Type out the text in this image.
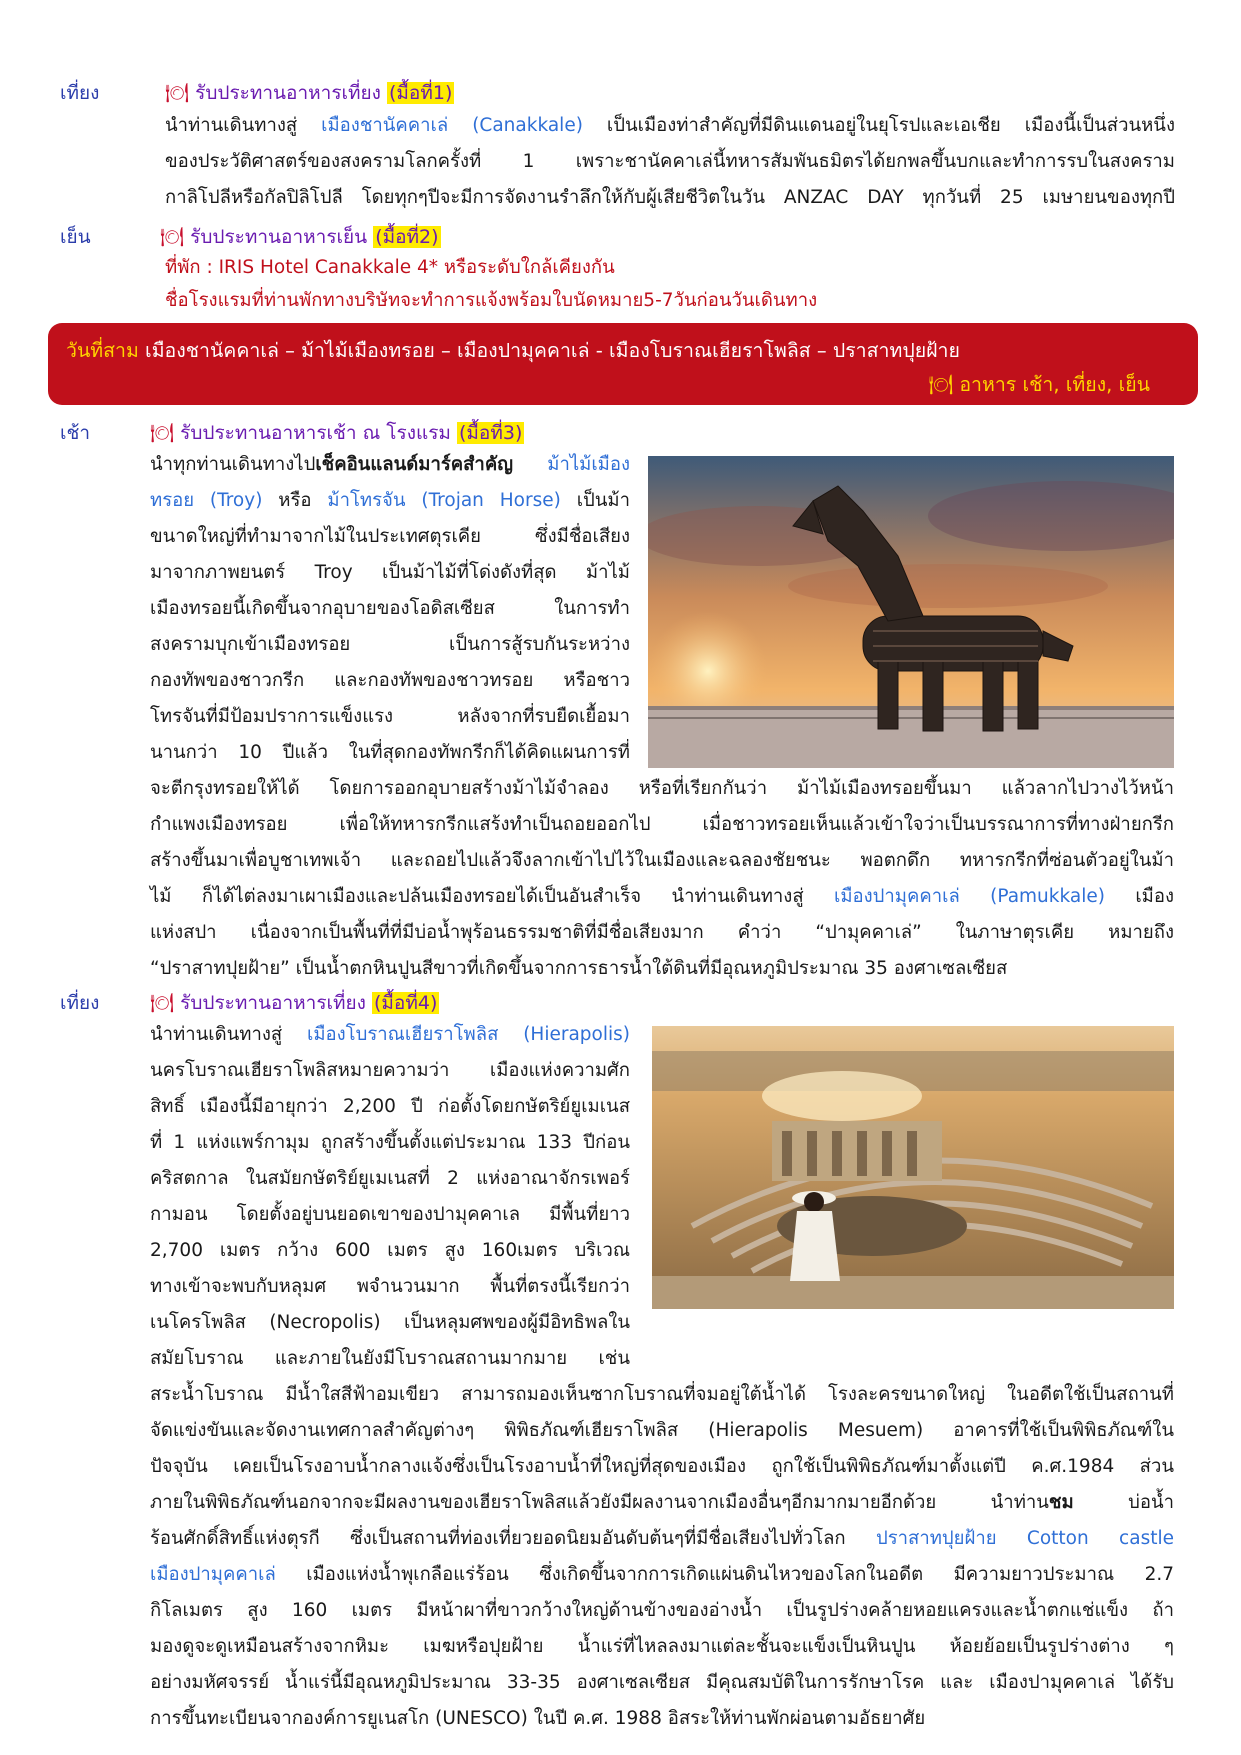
เที่ยง	🍽 รับประทานอาหารเที่ยง (มื้อที่1)
นำท่านเดินทางสู่ เมืองชานัคคาเล่ (Canakkale) เป็นเมืองท่าสำคัญที่มีดินแดนอยู่ในยุโรปและเอเชีย เมืองนี้เป็นส่วนหนึ่ง
ของประวัติศาสตร์ของสงครามโลกครั้งที่ 1 เพราะชานัคคาเล่นี้ทหารสัมพันธมิตรได้ยกพลขึ้นบกและทำการรบในสงคราม
กาลิโปลีหรือกัลปิลิโปลี โดยทุกๆปีจะมีการจัดงานรำลึกให้กับผู้เสียชีวิตในวัน ANZAC DAY ทุกวันที่ 25 เมษายนของทุกปี
เย็น	🍽 รับประทานอาหารเย็น (มื้อที่2)
ที่พัก : IRIS Hotel Canakkale 4* หรือระดับใกล้เคียงกัน
ชื่อโรงแรมที่ท่านพักทางบริษัทจะทำการแจ้งพร้อมใบนัดหมาย5-7วันก่อนวันเดินทาง
วันที่สาม เมืองชานัคคาเล่ – ม้าไม้เมืองทรอย – เมืองปามุคคาเล่ - เมืองโบราณเฮียราโพลิส – ปราสาทปุยฝ้าย
🍽 อาหาร เช้า, เที่ยง, เย็น
เช้า	🍽 รับประทานอาหารเช้า ณ โรงแรม (มื้อที่3)
นำทุกท่านเดินทางไปเช็คอินแลนด์มาร์คสำคัญ ม้าไม้เมือง
ทรอย (Troy) หรือ ม้าโทรจัน (Trojan Horse) เป็นม้า
ขนาดใหญ่ที่ทำมาจากไม้ในประเทศตุรเคีย ซึ่งมีชื่อเสียง
มาจากภาพยนตร์ Troy เป็นม้าไม้ที่โด่งดังที่สุด ม้าไม้
เมืองทรอยนี้เกิดขึ้นจากอุบายของโอดิสเซียส ในการทำ
สงครามบุกเข้าเมืองทรอย เป็นการสู้รบกันระหว่าง
กองทัพของชาวกรีก และกองทัพของชาวทรอย หรือชาว
โทรจันที่มีป้อมปราการแข็งแรง หลังจากที่รบยืดเยื้อมา
นานกว่า 10 ปีแล้ว ในที่สุดกองทัพกรีกก็ได้คิดแผนการที่
จะตีกรุงทรอยให้ได้ โดยการออกอุบายสร้างม้าไม้จำลอง หรือที่เรียกกันว่า ม้าไม้เมืองทรอยขึ้นมา แล้วลากไปวางไว้หน้า
กำแพงเมืองทรอย เพื่อให้ทหารกรีกแสร้งทำเป็นถอยออกไป เมื่อชาวทรอยเห็นแล้วเข้าใจว่าเป็นบรรณาการที่ทางฝ่ายกรีก
สร้างขึ้นมาเพื่อบูชาเทพเจ้า และถอยไปแล้วจึงลากเข้าไปไว้ในเมืองและฉลองชัยชนะ พอตกดึก ทหารกรีกที่ซ่อนตัวอยู่ในม้า
ไม้ ก็ได้ไต่ลงมาเผาเมืองและปล้นเมืองทรอยได้เป็นอันสำเร็จ นำท่านเดินทางสู่ เมืองปามุคคาเล่ (Pamukkale) เมือง
แห่งสปา เนื่องจากเป็นพื้นที่ที่มีบ่อน้ำพุร้อนธรรมชาติที่มีชื่อเสียงมาก คำว่า “ปามุคคาเล่” ในภาษาตุรเคีย หมายถึง
“ปราสาทปุยฝ้าย” เป็นน้ำตกหินปูนสีขาวที่เกิดขึ้นจากการธารน้ำใต้ดินที่มีอุณหภูมิประมาณ 35 องศาเซลเซียส
เที่ยง	🍽 รับประทานอาหารเที่ยง (มื้อที่4)
นำท่านเดินทางสู่ เมืองโบราณเฮียราโพลิส (Hierapolis)
นครโบราณเฮียราโพลิสหมายความว่า เมืองแห่งความศัก
สิทธิ์ เมืองนี้มีอายุกว่า 2,200 ปี ก่อตั้งโดยกษัตริย์ยูเมเนส
ที่ 1 แห่งแพร์กามุม ถูกสร้างขึ้นตั้งแต่ประมาณ 133 ปีก่อน
คริสตกาล ในสมัยกษัตริย์ยูเมเนสที่ 2 แห่งอาณาจักรเพอร์
กามอน โดยตั้งอยู่บนยอดเขาของปามุคคาเล มีพื้นที่ยาว
2,700 เมตร กว้าง 600 เมตร สูง 160เมตร บริเวณ
ทางเข้าจะพบกับหลุมศ พจำนวนมาก พื้นที่ตรงนี้เรียกว่า
เนโครโพลิส (Necropolis) เป็นหลุมศพของผู้มีอิทธิพลใน
สมัยโบราณ และภายในยังมีโบราณสถานมากมาย เช่น
สระน้ำโบราณ มีน้ำใสสีฟ้าอมเขียว สามารถมองเห็นซากโบราณที่จมอยู่ใต้น้ำได้ โรงละครขนาดใหญ่ ในอดีตใช้เป็นสถานที่
จัดแข่งขันและจัดงานเทศกาลสำคัญต่างๆ พิพิธภัณฑ์เฮียราโพลิส (Hierapolis Mesuem) อาคารที่ใช้เป็นพิพิธภัณฑ์ใน
ปัจจุบัน เคยเป็นโรงอาบน้ำกลางแจ้งซึ่งเป็นโรงอาบน้ำที่ใหญ่ที่สุดของเมือง ถูกใช้เป็นพิพิธภัณฑ์มาตั้งแต่ปี ค.ศ.1984 ส่วน
ภายในพิพิธภัณฑ์นอกจากจะมีผลงานของเฮียราโพลิสแล้วยังมีผลงานจากเมืองอื่นๆอีกมากมายอีกด้วย นำท่านชม บ่อน้ำ
ร้อนศักดิ์สิทธิ์แห่งตุรกี ซึ่งเป็นสถานที่ท่องเที่ยวยอดนิยมอันดับต้นๆที่มีชื่อเสียงไปทั่วโลก ปราสาทปุยฝ้าย Cotton castle
เมืองปามุคคาเล่ เมืองแห่งน้ำพุเกลือแร่ร้อน ซึ่งเกิดขึ้นจากการเกิดแผ่นดินไหวของโลกในอดีต มีความยาวประมาณ 2.7
กิโลเมตร สูง 160 เมตร มีหน้าผาที่ขาวกว้างใหญ่ด้านข้างของอ่างน้ำ เป็นรูปร่างคล้ายหอยแครงและน้ำตกแช่แข็ง ถ้า
มองดูจะดูเหมือนสร้างจากหิมะ เมฆหรือปุยฝ้าย น้ำแร่ที่ไหลลงมาแต่ละชั้นจะแข็งเป็นหินปูน ห้อยย้อยเป็นรูปร่างต่าง ๆ
อย่างมหัศจรรย์ น้ำแร่นี้มีอุณหภูมิประมาณ 33-35 องศาเซลเซียส มีคุณสมบัติในการรักษาโรค และ เมืองปามุคคาเล่ ได้รับ
การขึ้นทะเบียนจากองค์การยูเนสโก (UNESCO) ในปี ค.ศ. 1988 อิสระให้ท่านพักผ่อนตามอัธยาศัย
